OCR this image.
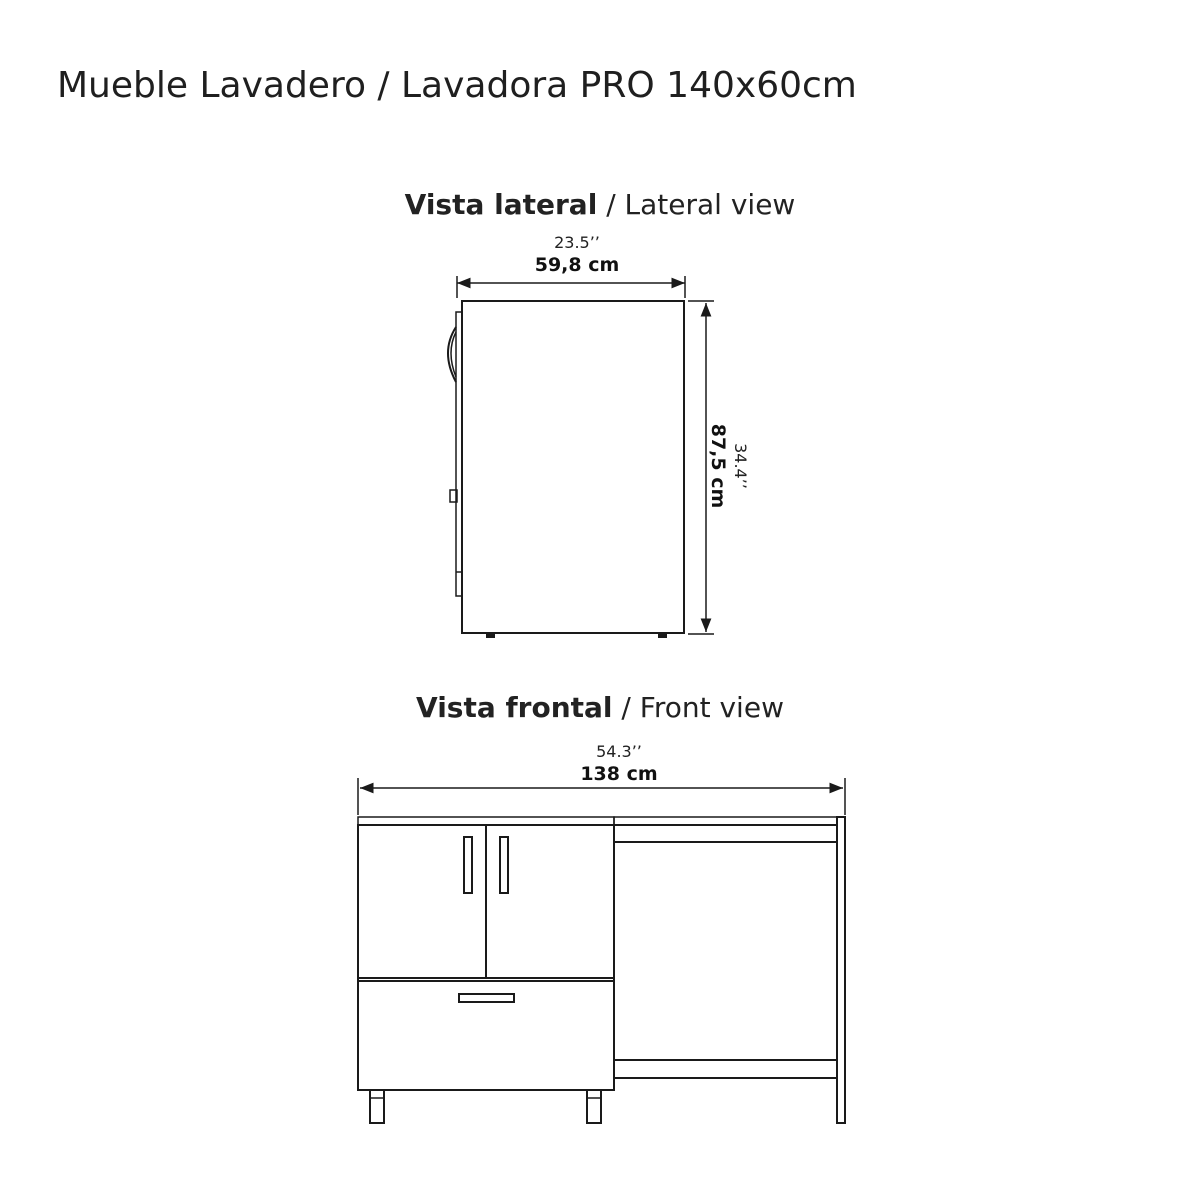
Mueble Lavadero / Lavadora PRO 140x60cm
Vista lateral / Lateral view
23.5’’
59,8 cm
87,5 cm 34.4’’
Vista frontal / Front view
54.3’’
138 cm
